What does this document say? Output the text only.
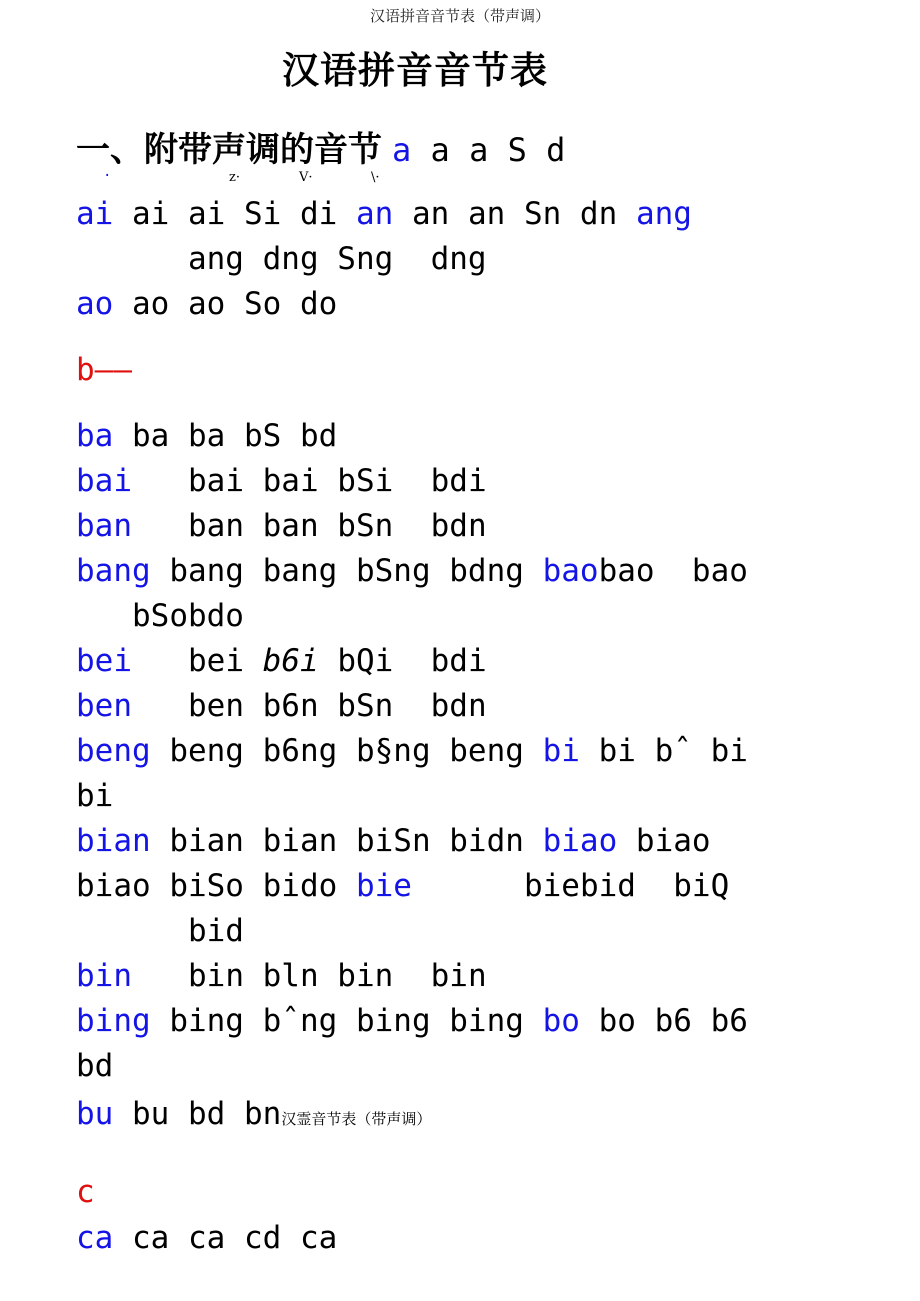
汉语拼音音节表（带声调）
汉语拼音音节表
一、附带声调的音节 a a a S d
·	z·	V·	\·
ai ai ai Si di an an an Sn dn ang
ang dng Sng  dng
ao ao ao So do
b——
ba ba ba bS bd
bai   bai bai bSi  bdi
ban   ban ban bSn  bdn
bang bang bang bSng bdng baobao  bao
bSobdo
bei   bei b6i bQi  bdi
ben   ben b6n bSn  bdn
beng beng b6ng b§ng beng bi bi bˆ bi
bi
bian bian bian biSn bidn biao biao
biao biSo bido bie      biebid  biQ
bid
bin   bin bln bin  bin
bing bing bˆng bing bing bo bo b6 b6
bd
bu bu bd bn汉霊音节表（带声调）
c
ca ca ca cd ca
